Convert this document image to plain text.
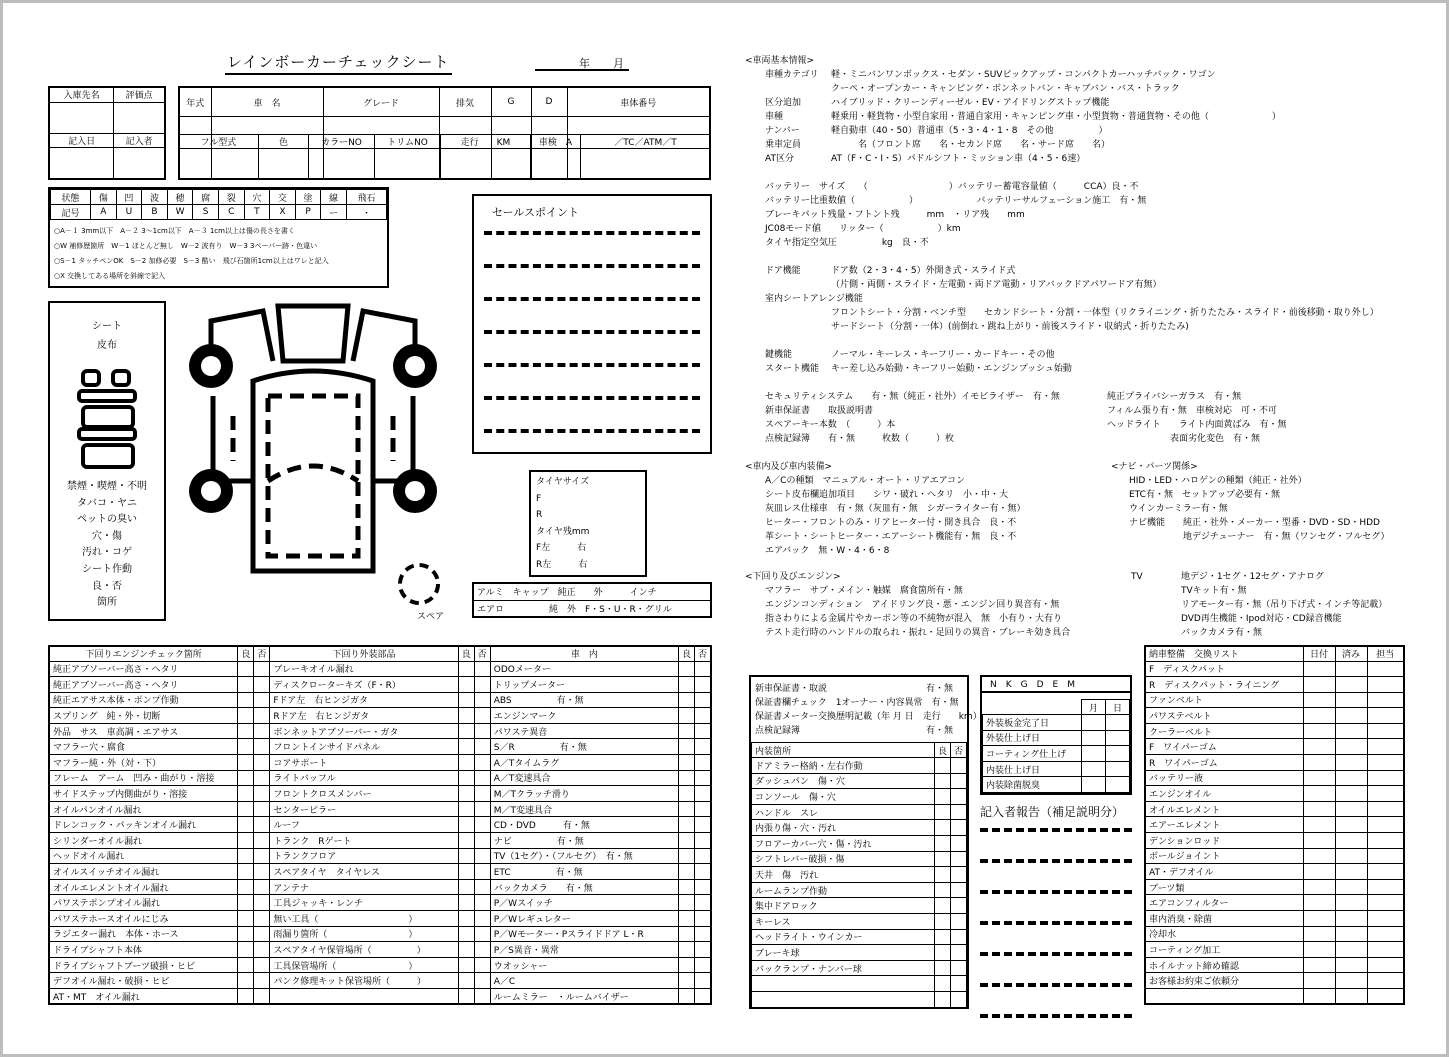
レインボーカーチェックシート	年 月
入庫先名	評価点

記入日	記入者

年式	車　名	グレード	排気	G	D	車体番号

フル型式	色	カラーNO	トリムNO	走行　　KM	車検　A	／TC／ATM／T

状態	傷	凹	波	穂	腐	裂	穴	交	塗	線	飛石
記号	A	U	B	W	S	C	T	X	P	ー	・
○A－１ 3mm以下　A－２ 3～1cm以下　A－３ 1cm以上は傷の長さを書く
○W 補修歴箇所　W－1 ほとんど無し　W－2 波有り　W－3 3ペーパー跡・色違い
○S－1 タッチペンOK　S－2 加修必要　S－3 酷い　飛び石箇所1cm以上はワレと記入
○X 交換してある場所を斜線で記入
セールスポイント
シート
皮布
禁煙・喫煙・不明
タバコ・ヤニ
ペットの臭い
穴・傷
汚れ・コゲ
シート作動
良・否
箇所
スペア
タイヤサイズ
F
R
タイヤ残mm
F左　　　右
R左　　　右
アルミ　キャップ　純正　　外　　　インチ
エアロ　　　　　純　外　F・S・U・R・グリル
下回りエンジンチェック箇所	良	否	下回り外装部品	良	否	車　内	良	否
純正アブソーバー高さ・ヘタリ			ブレーキオイル漏れ			ODOメーター		
純正アブソーバー高さ・ヘタリ			ディスクローターキズ（F・R）			トリップメーター		
純正エアサス本体・ポンプ作動			Fドア左　右ヒンジガタ			ABS　　　　　有・無		
スプリング　純・外・切断			Rドア左　右ヒンジガタ			エンジンマーク		
外品　サス　車高調・エアサス			ボンネットアブソーバー・ガタ			パワステ異音		
マフラー穴・腐食			フロントインサイドパネル			S／R　　　　　有・無		
マフラー純・外（対・下）			コアサポート			A／Tタイムラグ		
フレーム　アーム　凹み・曲がり・溶接			ライトバッフル			A／T変速具合		
サイドステップ内側曲がり・溶接			フロントクロスメンバー			M／Tクラッチ滑り		
オイルパンオイル漏れ			センターピラー			M／T変速具合		
ドレンコック・パッキンオイル漏れ			ルーフ			CD・DVD　　　有・無		
シリンダーオイル漏れ			トランク　Rゲート			ナビ　　　　　有・無		
ヘッドオイル漏れ			トランクフロア			TV（1セグ）・（フルセグ）　有・無		
オイルスイッチオイル漏れ			スペアタイヤ　タイヤレス			ETC　　　　　有・無		
オイルエレメントオイル漏れ			アンテナ			バックカメラ　　有・無		
パワステポンプオイル漏れ			工具ジャッキ・レンチ			P／Wスイッチ		
パワステホースオイルにじみ			無い工具（　　　　　　　　　　）			P／Wレギュレター		
ラジエター漏れ　本体・ホース			雨漏り箇所（　　　　　　　　　）			P／Wモーター・Pスライドドア L・R		
ドライブシャフト本体			スペアタイヤ保管場所（　　　　　）			P／S異音・異常		
ドライブシャフトブーツ破損・ヒビ			工具保管場所（　　　　　　　　）			ウオッシャー		
デフオイル漏れ・破損・ヒビ			パンク修理キット保管場所（　　　）			A／C		
AT・MT　オイル漏れ						ルームミラー　・ルームバイザー		
<車両基本情報>
車種カテゴリ	軽・ミニバンワンボックス・セダン・SUVピックアップ・コンパクトカーハッチバック・ワゴン
クーペ・オープンカー・キャンピング・ボンネットバン・キャブバン・バス・トラック
区分追加	ハイブリッド・クリーンディーゼル・EV・アイドリングストップ機能
車種	軽乗用・軽貨物・小型自家用・普通自家用・キャンピング車・小型貨物・普通貨物・その他（　　　　　　　）
ナンバー	軽自動車（40・50）普通車（5・3・4・1・8　その他　　　　　）
乗車定員	　　　名（フロント席　　名・セカンド席　　名・サード席　　名）
AT区分	AT（F・C・I・S）パドルシフト・ミッション車（4・5・6速）
バッテリー　サイズ　　（　　　　　　　　　）バッテリー蓄電容量値（　　　CCA）良・不
バッテリー比重数値（　　　　　　）　　　　　　　バッテリーサルフェーション施工　有・無
ブレーキパット残量・フトント残　　　mm　・リア残　　mm
JC08モード値　　リッター（　　　　　　）km
タイヤ指定空気圧　　　　　kg　良・不
ドア機能	ドア数（2・3・4・5）外開き式・スライド式
（片側・両側・スライド・左電動・両ドア電動・リアバックドアパワードア有無）
室内シートアレンジ機能
フロントシート・分割・ベンチ型　　セカンドシート・分割・一体型（リクライニング・折りたたみ・スライド・前後移動・取り外し）
サードシート（分割・一体）(前倒れ・跳ね上がり・前後スライド・収納式・折りたたみ)
鍵機能	ノーマル・キーレス・キーフリー・カードキー・その他
スタート機能	キー差し込み始動・キーフリー始動・エンジンプッシュ始動
セキュリティシステム　　有・無（純正・社外）イモビライザー　有・無
新車保証書　　取扱説明書
スペアーキー本数　（　　　）本
点検記録簿　　有・無　　　枚数（　　　）枚
純正プライバシーガラス　有・無
フィルム張り有・無　車検対応　可・不可
ヘッドライト　　ライト内面黄ばみ　有・無
　　　　　　　表面劣化変色　有・無
<車内及び車内装備>
A／Cの種類　マニュアル・オート・リアエアコン
シート皮布欄追加項目　　シワ・破れ・ヘタリ　小・中・大
灰皿レス仕様車　有・無（灰皿有・無　シガーライター有・無）
ヒーター・フロントのみ・リアヒーター付・開き具合　良・不
革シート・シートヒーター・エアーシート機能有・無　良・不
エアバック　無・W・4・6・8
<ナビ・パーツ関係>
HID・LED・ハロゲンの種類（純正・社外）
ETC有・無　セットアップ必要有・無
ウインカーミラー有・無
ナビ機能　　純正・社外・メーカー・型番・DVD・SD・HDD
　　　　　　地デジチューナー　有・無（ワンセグ・フルセグ）
<下回り及びエンジン>
マフラー　サブ・メイン・触媒　腐食箇所有・無
エンジンコンディション　アイドリング良・悪・エンジン回り異音有・無
指さわりによる金属片やカーボン等の不純物が混入　無　小有り・大有り
テスト走行時のハンドルの取られ・振れ・足回りの異音・ブレーキ効き具合
TV	地デジ・1セグ・12セグ・アナログ
TVキット有・無
リアモーター有・無（吊り下げ式・インチ等記載）
DVD再生機能・Ipod対応・CD録音機能
バックカメラ有・無
新車保証書・取説　　　　　　　　　　　有・無
保証書欄チェック　1オーナー・内容異常　有・無
保証書メーター交換歴明記載（年 月 日　走行　　km）
点検記録簿　　　　　　　　　　　　　　有・無
内装箇所	良	否
ドアミラー格納・左右作動		
ダッシュパン　傷・穴		
コンソール　傷・穴		
ハンドル　スレ		
内張り傷・穴・汚れ		
フロアーカバー穴・傷・汚れ		
シフトレバー破損・傷		
天井　傷　汚れ		
ルームランプ作動		
集中ドアロック		
キーレス		
ヘッドライト・ウインカー		
ブレーキ球		
バックランプ・ナンバー球		

N　K　G　D　E　M
	月	日
外装板金完了日		
外装仕上げ日		
コーティング仕上げ		
内装仕上げ日		
内装除菌脱臭		
記入者報告（補足説明分）
納車整備　交換リスト	日付	済み	担当
F　ディスクパット			
R　ディスクパット・ライニング			
ファンベルト			
パワステベルト			
クーラーベルト			
F　ワイパーゴム			
R　ワイパーゴム			
バッテリー液			
エンジンオイル			
オイルエレメント			
エアーエレメント			
デンションロッド			
ボールジョイント			
AT・デフオイル			
ブーツ類			
エアコンフィルター			
車内消臭・除菌			
冷却水			
コーティング加工			
ホイルナット締め確認			
お客様お約束ご依頼分			
